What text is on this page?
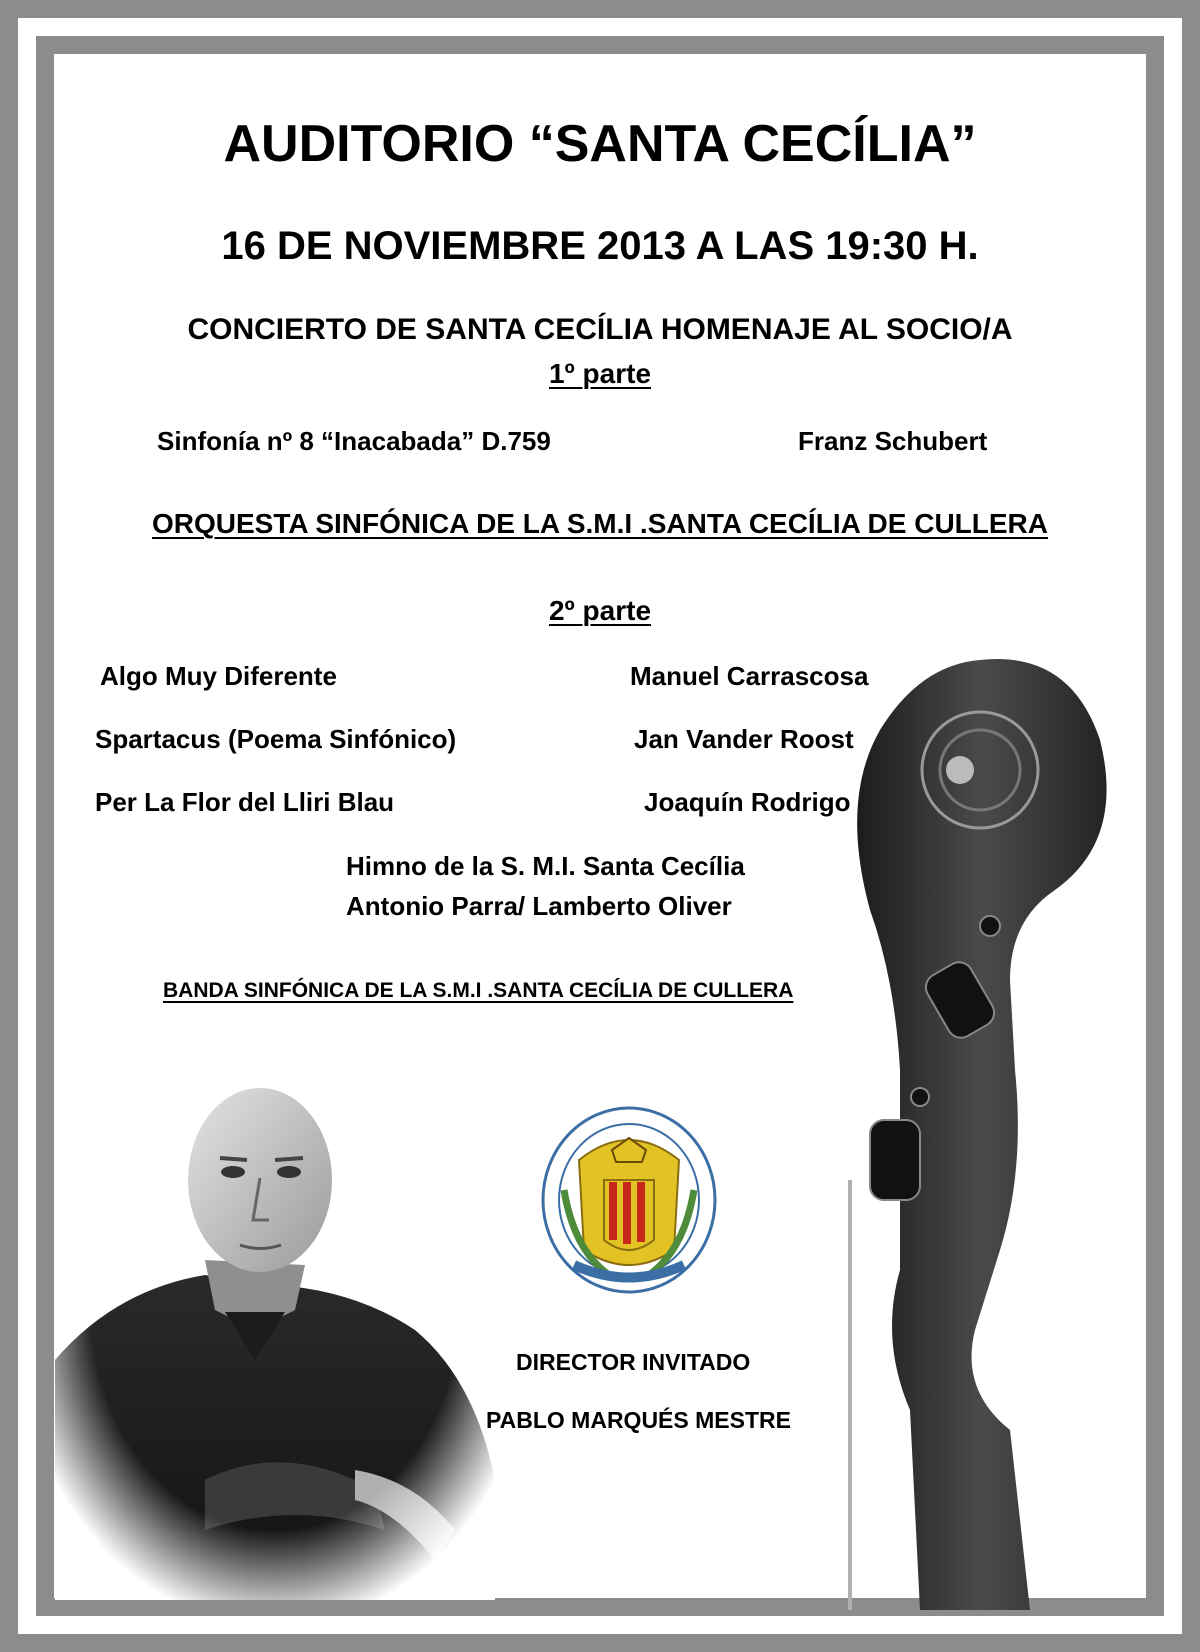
AUDITORIO “SANTA CECÍLIA”
16 DE NOVIEMBRE 2013 A LAS 19:30 H.
CONCIERTO DE SANTA CECÍLIA HOMENAJE AL SOCIO/A
1º parte
Sinfonía nº 8 “Inacabada” D.759	Franz Schubert
ORQUESTA SINFÓNICA DE LA S.M.I .SANTA CECÍLIA DE CULLERA
2º parte
Algo Muy Diferente	Manuel Carrascosa
Spartacus (Poema Sinfónico)	Jan Vander Roost
Per La Flor del Lliri Blau	Joaquín Rodrigo
Himno de la S. M.I. Santa Cecília
Antonio Parra/ Lamberto Oliver
BANDA SINFÓNICA DE LA S.M.I .SANTA CECÍLIA DE CULLERA
DIRECTOR INVITADO
PABLO MARQUÉS MESTRE
